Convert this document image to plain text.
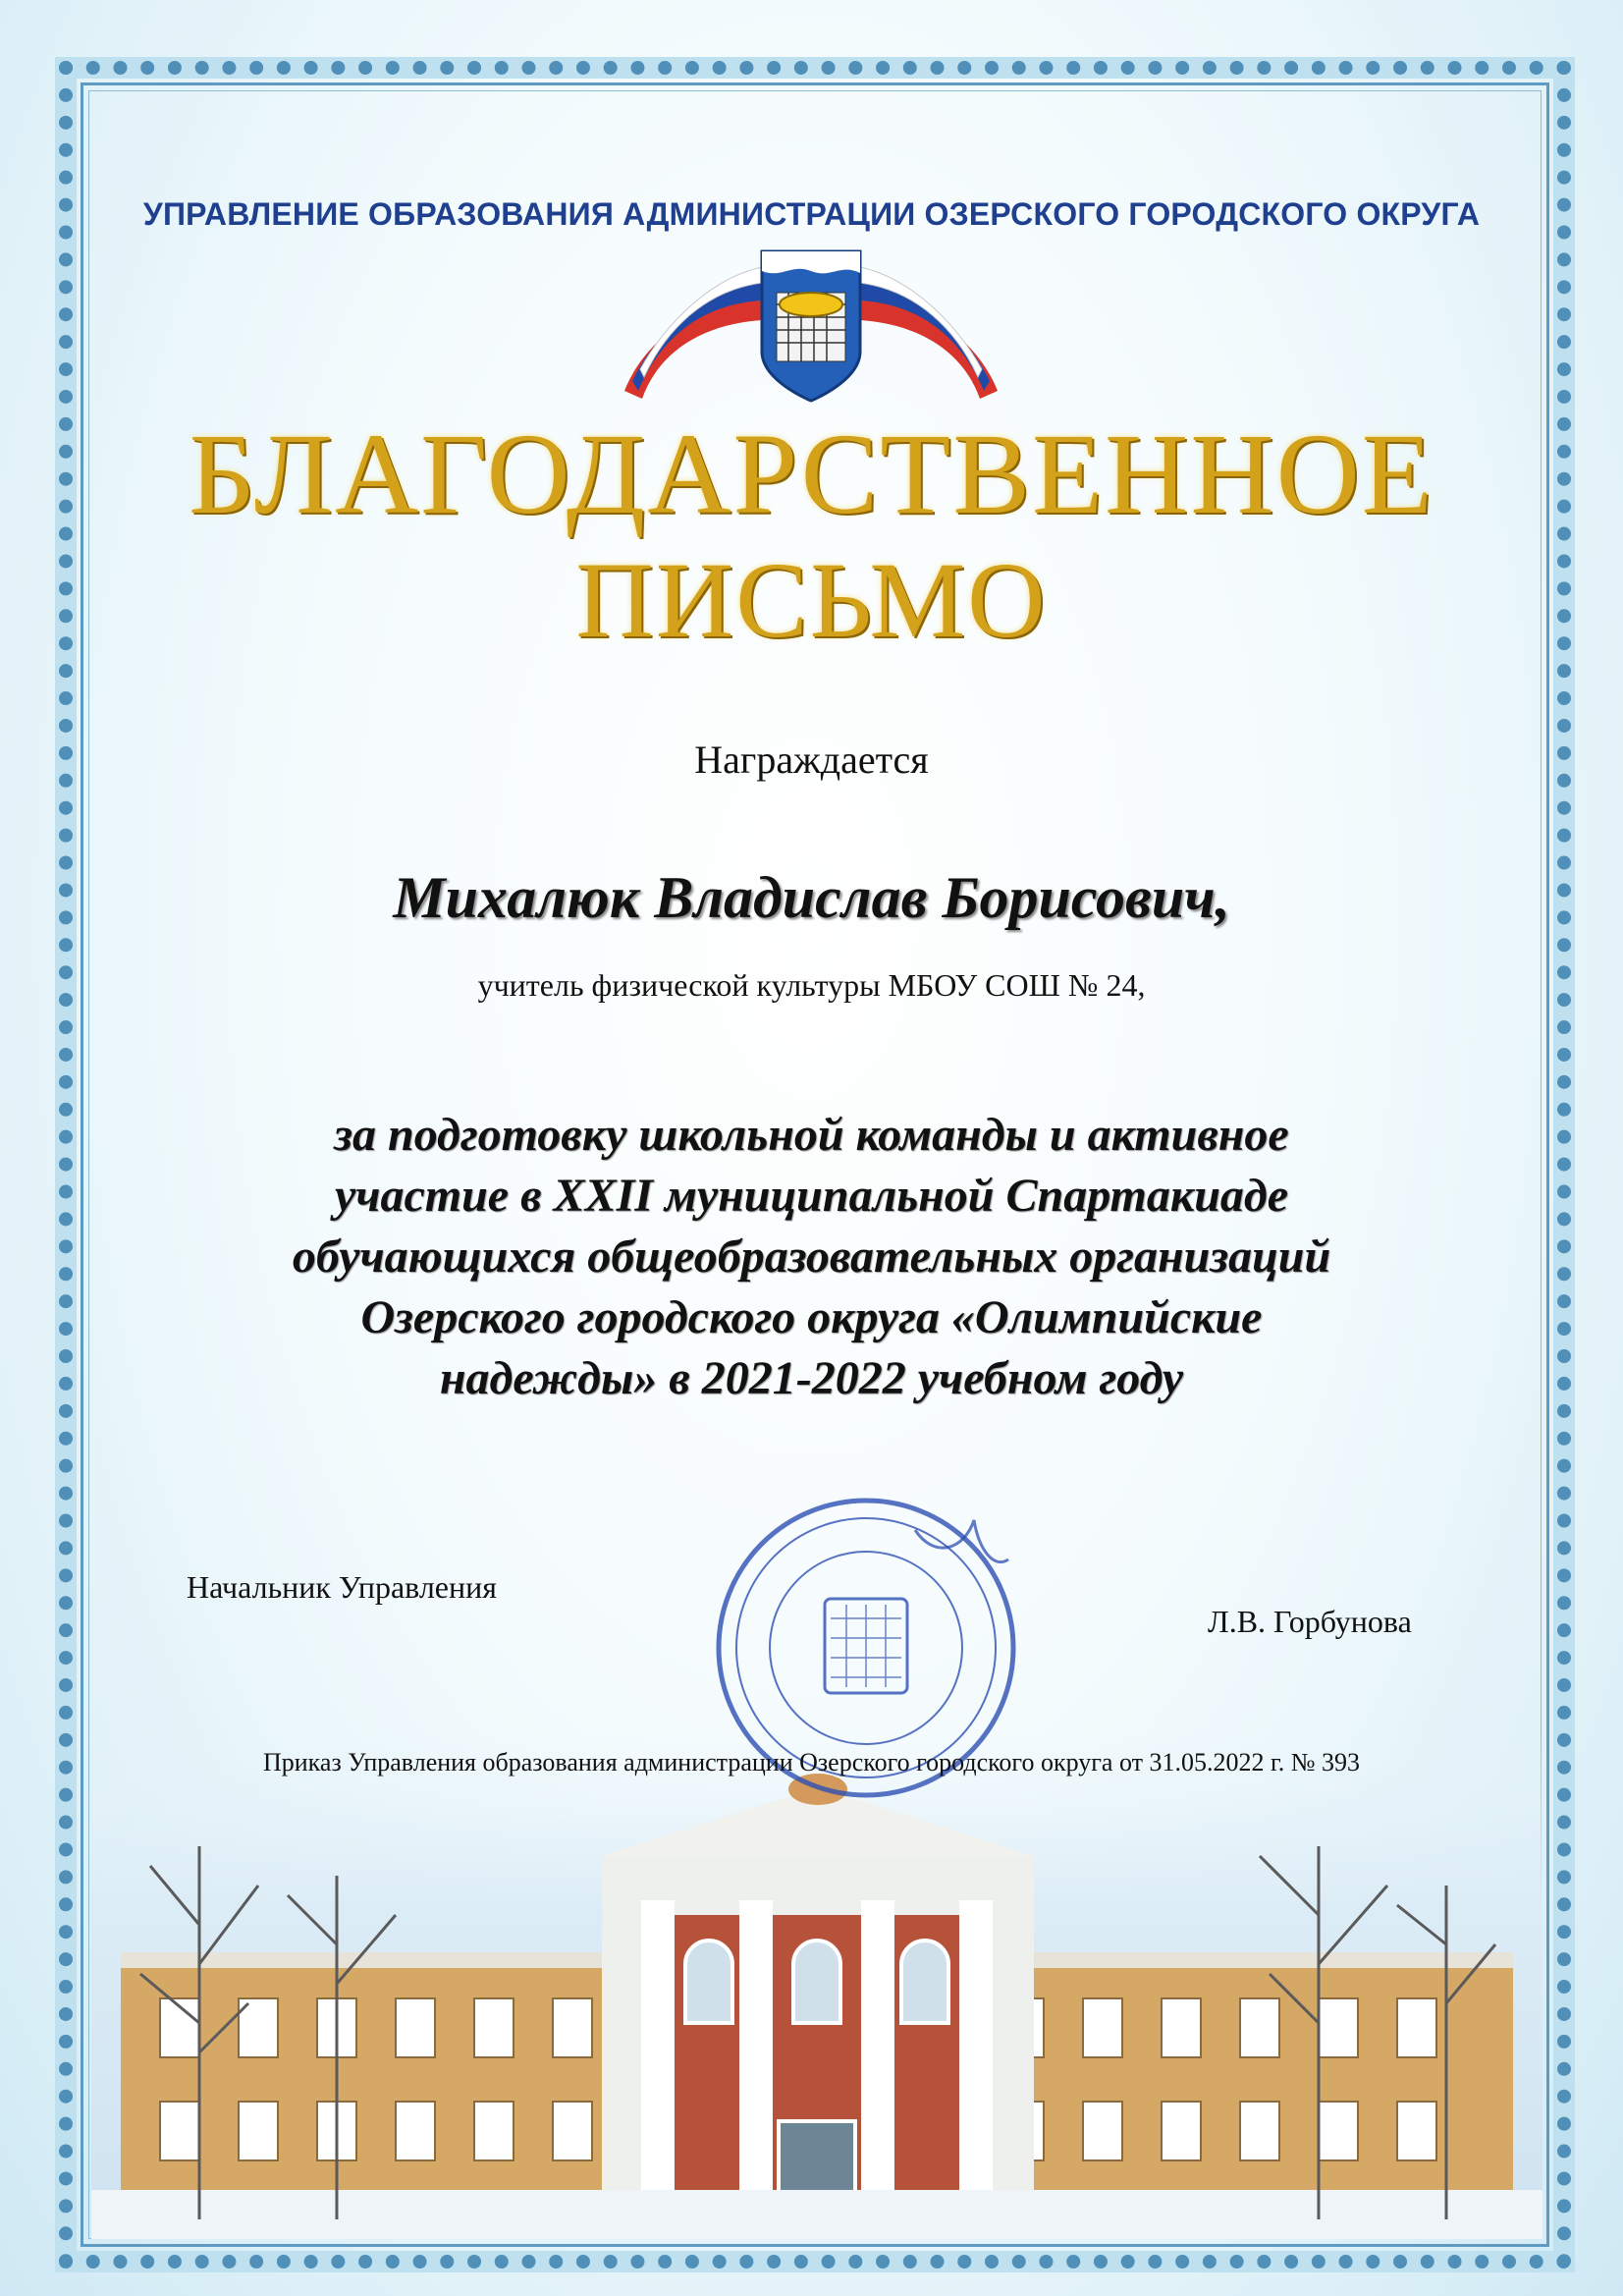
УПРАВЛЕНИЕ ОБРАЗОВАНИЯ АДМИНИСТРАЦИИ ОЗЕРСКОГО ГОРОДСКОГО ОКРУГА
БЛАГОДАРСТВЕННОЕ
ПИСЬМО
Награждается
Михалюк Владислав Борисович,
учитель физической культуры МБОУ СОШ № 24,
за подготовку школьной команды и активное
участие в XXII муниципальной Спартакиаде
обучающихся общеобразовательных организаций
Озерского городского округа «Олимпийские
надежды» в 2021-2022 учебном году
Начальник Управления
Л.В. Горбунова
Приказ Управления образования администрации Озерского городского округа от 31.05.2022 г. № 393
